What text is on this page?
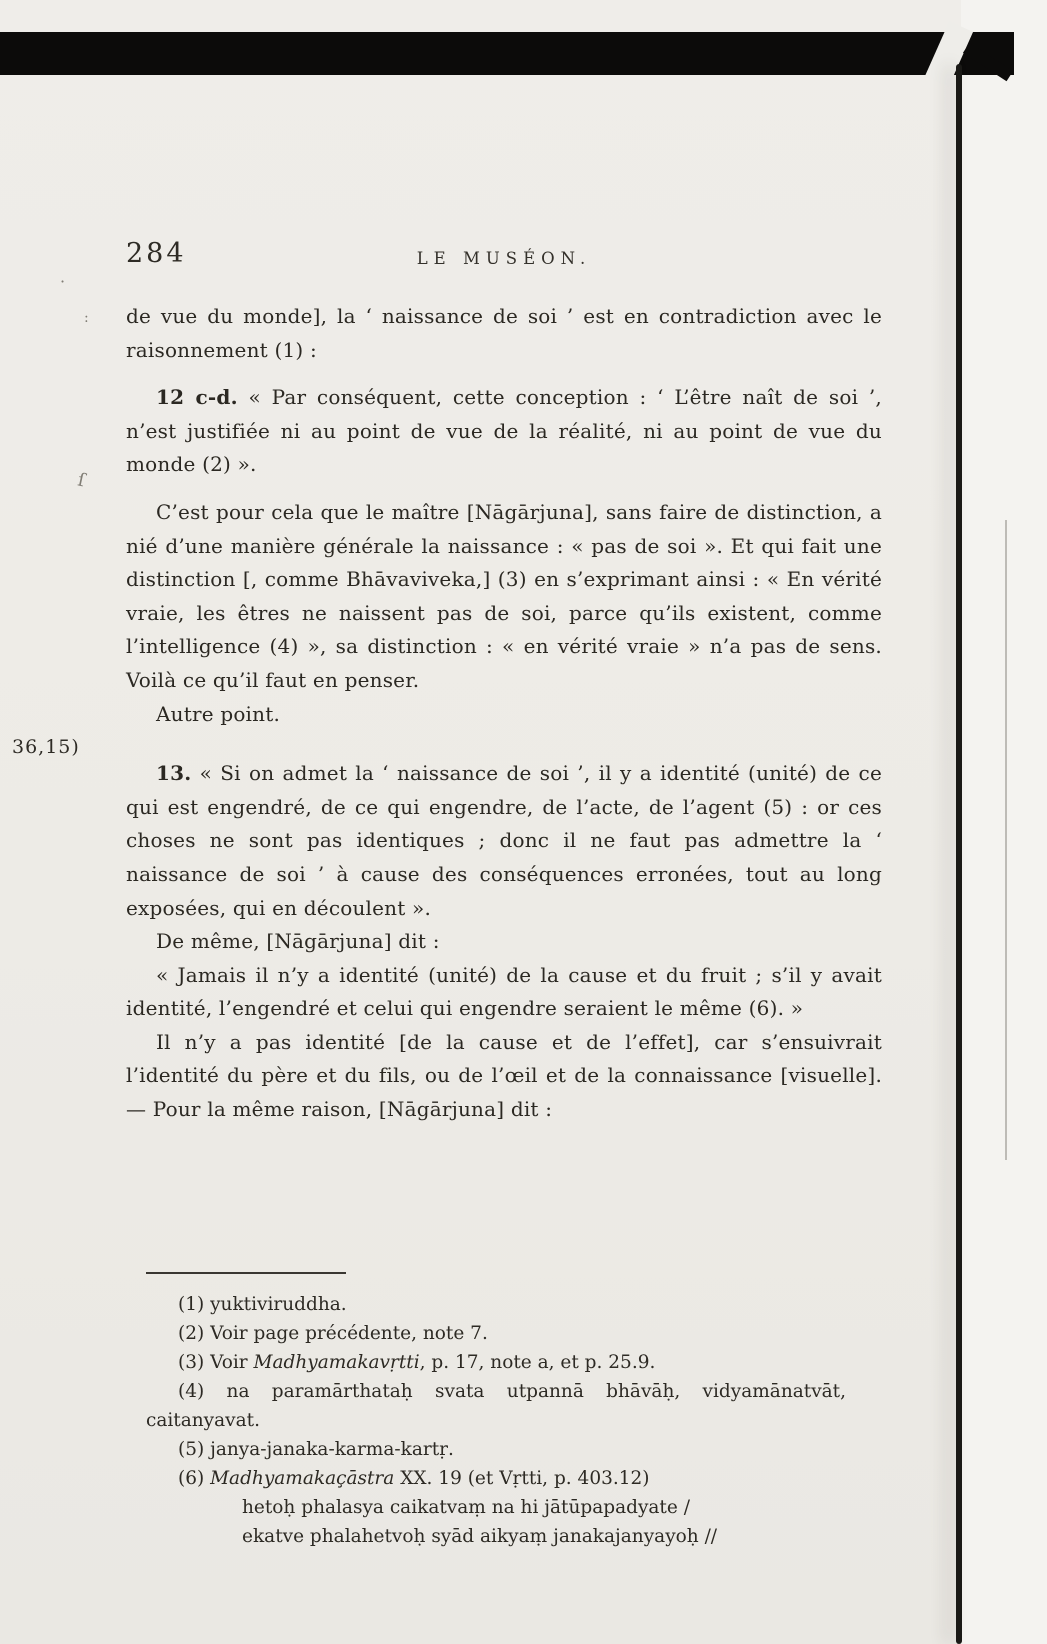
284	LE MUSÉON.
36,15)
·
:
ſ

de vue du monde], la ‘ naissance de soi ’ est en contradiction avec le raisonnement (1) :

12 c-d. « Par conséquent, cette conception : ‘ L’être naît de soi ’, n’est justifiée ni au point de vue de la réalité, ni au point de vue du monde (2) ».

C’est pour cela que le maître [Nāgārjuna], sans faire de distinction, a nié d’une manière générale la naissance : « pas de soi ». Et qui fait une distinction [, comme Bhāvaviveka,] (3) en s’exprimant ainsi : « En vérité vraie, les êtres ne naissent pas de soi, parce qu’ils existent, comme l’intelligence (4) », sa distinction : « en vérité vraie » n’a pas de sens. Voilà ce qu’il faut en penser.

Autre point.

13. « Si on admet la ‘ naissance de soi ’, il y a identité (unité) de ce qui est engendré, de ce qui engendre, de l’acte, de l’agent (5) : or ces choses ne sont pas identiques ; donc il ne faut pas admettre la ‘ naissance de soi ’ à cause des conséquences erronées, tout au long exposées, qui en découlent ».

De même, [Nāgārjuna] dit :

« Jamais il n’y a identité (unité) de la cause et du fruit ; s’il y avait identité, l’engendré et celui qui engendre seraient le même (6). »

Il n’y a pas identité [de la cause et de l’effet], car s’ensuivrait l’identité du père et du fils, ou de l’œil et de la connaissance [visuelle]. — Pour la même raison, [Nāgārjuna] dit :

(1) yuktiviruddha.

(2) Voir page précédente, note 7.

(3) Voir Madhyamakavṛtti, p. 17, note a, et p. 25.9.

(4) na paramārthataḥ svata utpannā bhāvāḥ, vidyamānatvāt, caitanyavat.

(5) janya-janaka-karma-kartṛ.

(6) Madhyamakaçāstra XX. 19 (et Vṛtti, p. 403.12)

hetoḥ phalasya caikatvaṃ na hi jātūpapadyate /

ekatve phalahetvoḥ syād aikyaṃ janakajanyayoḥ //
